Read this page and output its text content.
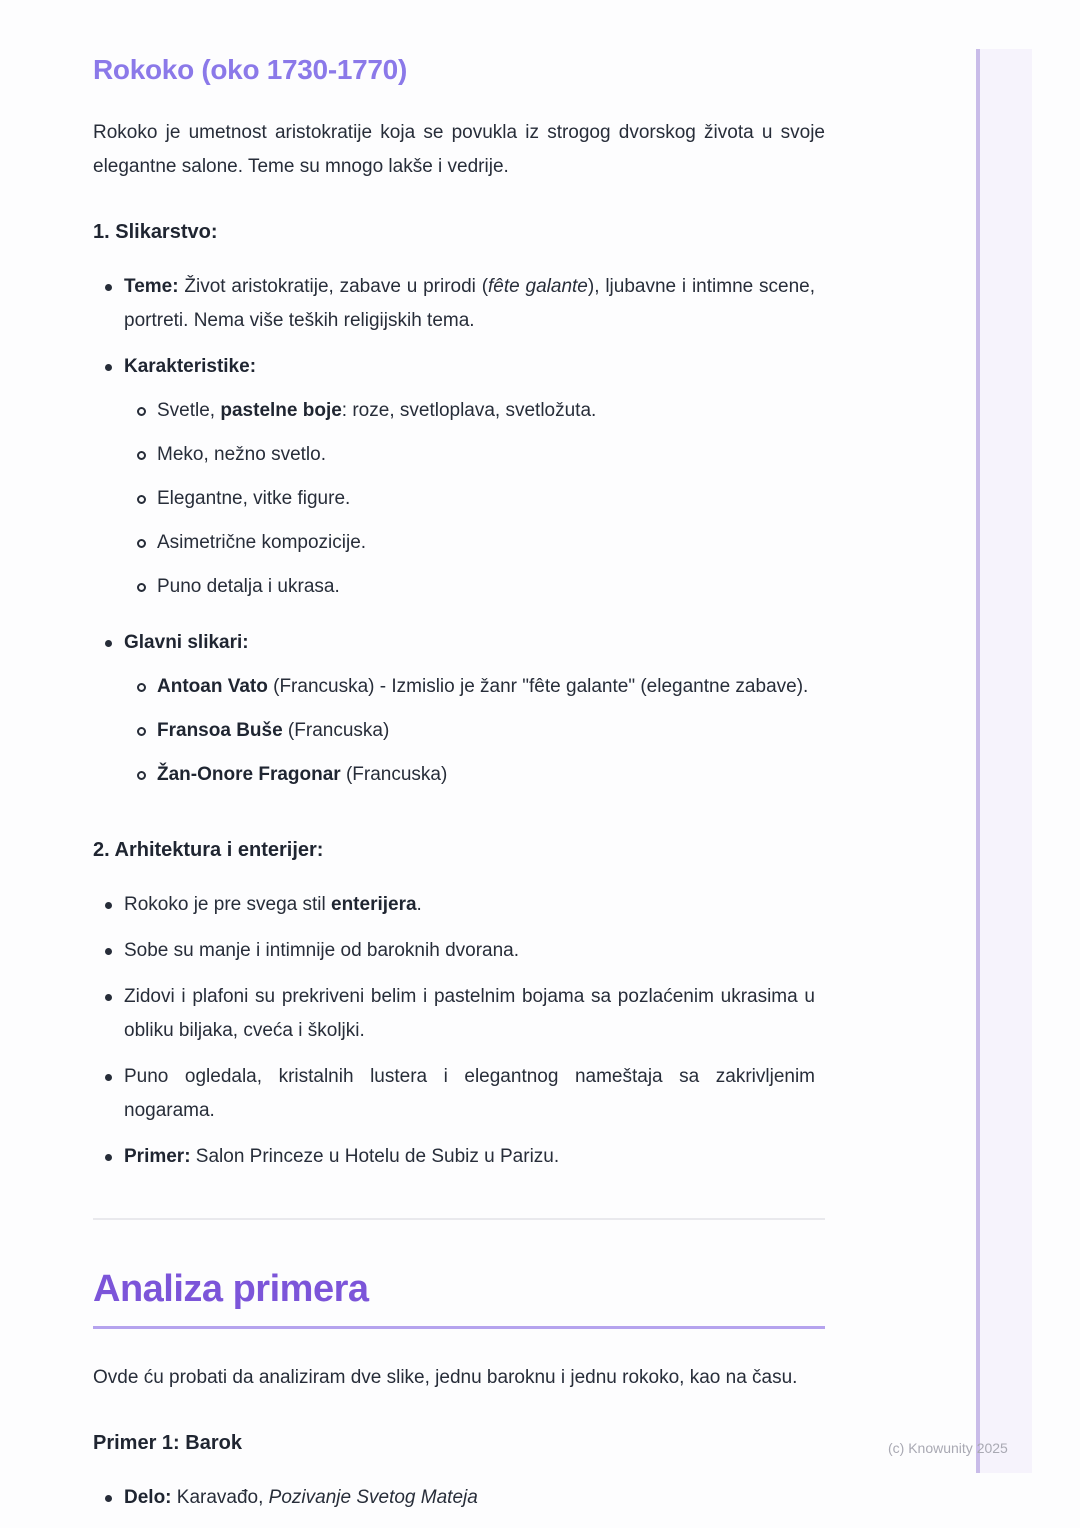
(c) Knowunity 2025
Rokoko (oko 1730-1770)

Rokoko je umetnost aristokratije koja se povukla iz strogog dvorskog života u svoje elegantne salone. Teme su mnogo lakše i vedrije.

1. Slikarstvo:
Teme: Život aristokratije, zabave u prirodi (fête galante), ljubavne i intimne scene, portreti. Nema više teških religijskih tema.
Karakteristike:
Svetle, pastelne boje: roze, svetloplava, svetložuta.
Meko, nežno svetlo.
Elegantne, vitke figure.
Asimetrične kompozicije.
Puno detalja i ukrasa.
Glavni slikari:
Antoan Vato (Francuska) - Izmislio je žanr "fête galante" (elegantne zabave).
Fransoa Buše (Francuska)
Žan-Onore Fragonar (Francuska)
2. Arhitektura i enterijer:
Rokoko je pre svega stil enterijera.
Sobe su manje i intimnije od baroknih dvorana.
Zidovi i plafoni su prekriveni belim i pastelnim bojama sa pozlaćenim ukrasima u obliku biljaka, cveća i školjki.
Puno ogledala, kristalnih lustera i elegantnog nameštaja sa zakrivljenim nogarama.
Primer: Salon Princeze u Hotelu de Subiz u Parizu.
Analiza primera

Ovde ću probati da analiziram dve slike, jednu baroknu i jednu rokoko, kao na času.

Primer 1: Barok
Delo: Karavađo, Pozivanje Svetog Mateja
